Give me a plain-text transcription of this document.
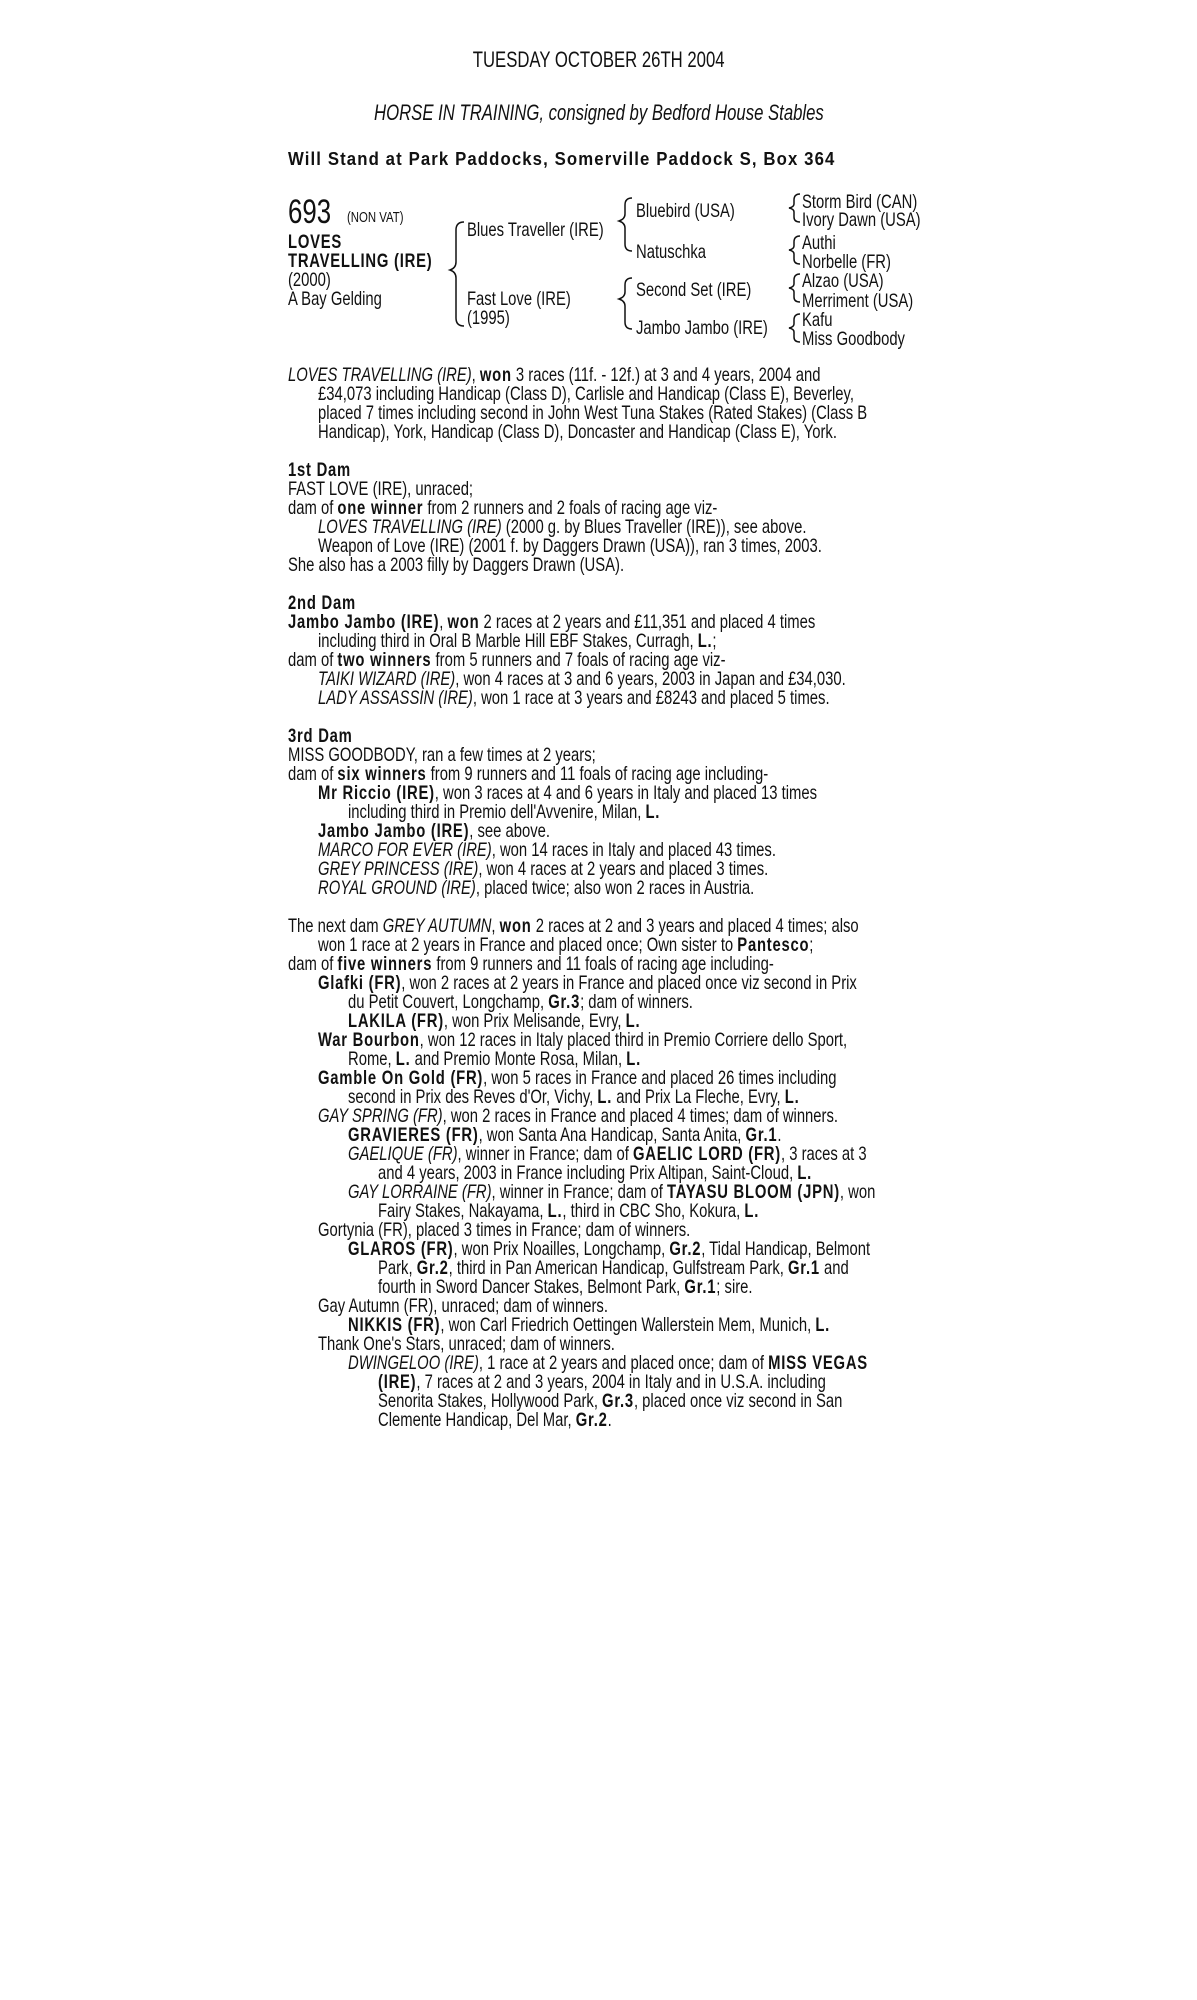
TUESDAY OCTOBER 26TH 2004
HORSE IN TRAINING, consigned by Bedford House Stables
Will Stand at Park Paddocks, Somerville Paddock S, Box 364
693	(NON VAT)
LOVES
TRAVELLING (IRE)
(2000)
A Bay Gelding
Blues Traveller (IRE)
Fast Love (IRE)
(1995)
Bluebird (USA)
Natuschka
Second Set (IRE)
Jambo Jambo (IRE)
Storm Bird (CAN)
Ivory Dawn (USA)
Authi
Norbelle (FR)
Alzao (USA)
Merriment (USA)
Kafu
Miss Goodbody
LOVES TRAVELLING (IRE), won 3 races (11f. - 12f.) at 3 and 4 years, 2004 and
£34,073 including Handicap (Class D), Carlisle and Handicap (Class E), Beverley,
placed 7 times including second in John West Tuna Stakes (Rated Stakes) (Class B
Handicap), York, Handicap (Class D), Doncaster and Handicap (Class E), York.
1st Dam
FAST LOVE (IRE), unraced;
dam of one winner from 2 runners and 2 foals of racing age viz-
LOVES TRAVELLING (IRE) (2000 g. by Blues Traveller (IRE)), see above.
Weapon of Love (IRE) (2001 f. by Daggers Drawn (USA)), ran 3 times, 2003.
She also has a 2003 filly by Daggers Drawn (USA).
2nd Dam
Jambo Jambo (IRE), won 2 races at 2 years and £11,351 and placed 4 times
including third in Oral B Marble Hill EBF Stakes, Curragh, L.;
dam of two winners from 5 runners and 7 foals of racing age viz-
TAIKI WIZARD (IRE), won 4 races at 3 and 6 years, 2003 in Japan and £34,030.
LADY ASSASSIN (IRE), won 1 race at 3 years and £8243 and placed 5 times.
3rd Dam
MISS GOODBODY, ran a few times at 2 years;
dam of six winners from 9 runners and 11 foals of racing age including-
Mr Riccio (IRE), won 3 races at 4 and 6 years in Italy and placed 13 times
including third in Premio dell'Avvenire, Milan, L.
Jambo Jambo (IRE), see above.
MARCO FOR EVER (IRE), won 14 races in Italy and placed 43 times.
GREY PRINCESS (IRE), won 4 races at 2 years and placed 3 times.
ROYAL GROUND (IRE), placed twice; also won 2 races in Austria.
The next dam GREY AUTUMN, won 2 races at 2 and 3 years and placed 4 times; also
won 1 race at 2 years in France and placed once; Own sister to Pantesco;
dam of five winners from 9 runners and 11 foals of racing age including-
Glafki (FR), won 2 races at 2 years in France and placed once viz second in Prix
du Petit Couvert, Longchamp, Gr.3; dam of winners.
LAKILA (FR), won Prix Melisande, Evry, L.
War Bourbon, won 12 races in Italy placed third in Premio Corriere dello Sport,
Rome, L. and Premio Monte Rosa, Milan, L.
Gamble On Gold (FR), won 5 races in France and placed 26 times including
second in Prix des Reves d'Or, Vichy, L. and Prix La Fleche, Evry, L.
GAY SPRING (FR), won 2 races in France and placed 4 times; dam of winners.
GRAVIERES (FR), won Santa Ana Handicap, Santa Anita, Gr.1.
GAELIQUE (FR), winner in France; dam of GAELIC LORD (FR), 3 races at 3
and 4 years, 2003 in France including Prix Altipan, Saint-Cloud, L.
GAY LORRAINE (FR), winner in France; dam of TAYASU BLOOM (JPN), won
Fairy Stakes, Nakayama, L., third in CBC Sho, Kokura, L.
Gortynia (FR), placed 3 times in France; dam of winners.
GLAROS (FR), won Prix Noailles, Longchamp, Gr.2, Tidal Handicap, Belmont
Park, Gr.2, third in Pan American Handicap, Gulfstream Park, Gr.1 and
fourth in Sword Dancer Stakes, Belmont Park, Gr.1; sire.
Gay Autumn (FR), unraced; dam of winners.
NIKKIS (FR), won Carl Friedrich Oettingen Wallerstein Mem, Munich, L.
Thank One's Stars, unraced; dam of winners.
DWINGELOO (IRE), 1 race at 2 years and placed once; dam of MISS VEGAS
(IRE), 7 races at 2 and 3 years, 2004 in Italy and in U.S.A. including
Senorita Stakes, Hollywood Park, Gr.3, placed once viz second in San
Clemente Handicap, Del Mar, Gr.2.
